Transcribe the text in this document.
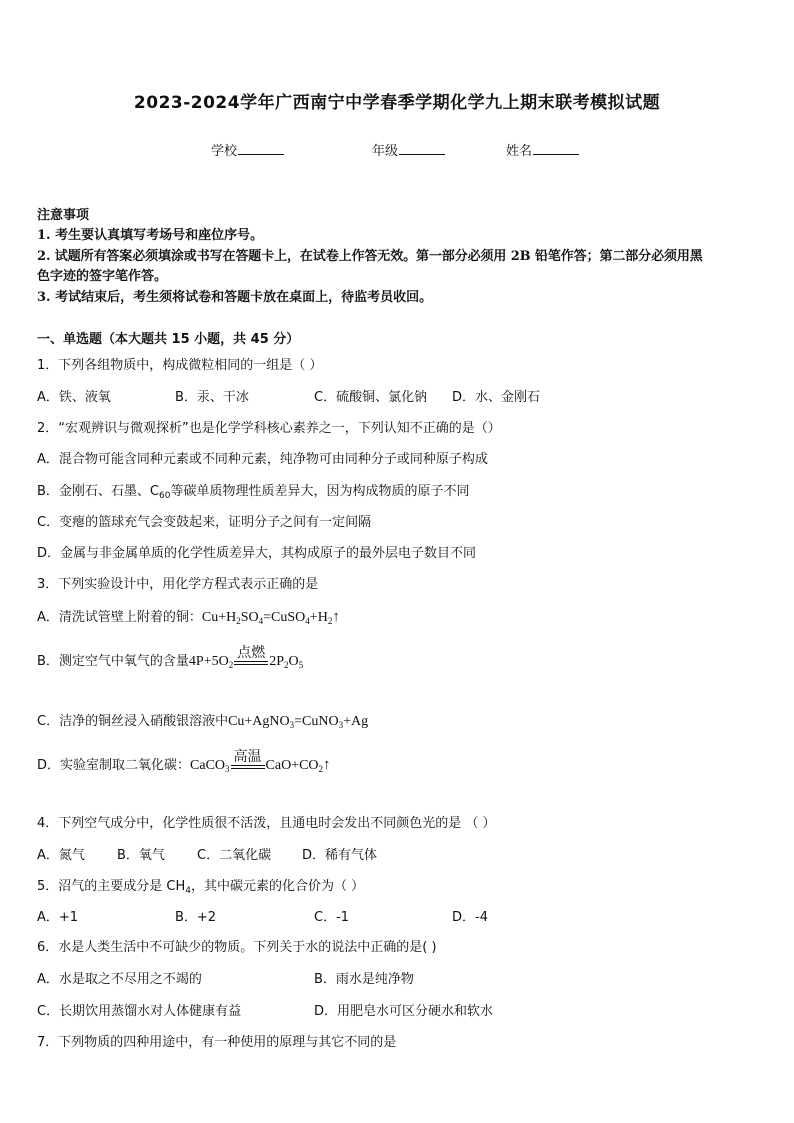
2023-2024学年广西南宁中学春季学期化学九上期末联考模拟试题
学校	年级	姓名
注意事项
1. 考生要认真填写考场号和座位序号。
2. 试题所有答案必须填涂或书写在答题卡上，在试卷上作答无效。第一部分必须用 2B 铅笔作答；第二部分必须用黑
色字迹的签字笔作答。
3. 考试结束后，考生须将试卷和答题卡放在桌面上，待监考员收回。
一、单选题（本大题共 15 小题，共 45 分）
1．下列各组物质中，构成微粒相同的一组是（ ）
A．铁、液氧	B．汞、干冰	C．硫酸铜、氯化钠 D．水、金刚石
2．“宏观辨识与微观探析”也是化学学科核心素养之一，下列认知不正确的是（）
A．混合物可能含同种元素或不同种元素，纯净物可由同种分子或同种原子构成
B．金刚石、石墨、$C_{60}$等碳单质物理性质差异大，因为构成物质的原子不同
C．变瘪的篮球充气会变鼓起来，证明分子之间有一定间隔
D．金属与非金属单质的化学性质差异大，其构成原子的最外层电子数目不同
3．下列实验设计中，用化学方程式表示正确的是
A．清洗试管壁上附着的铜：$Cu+H_2SO_4=CuSO_4+H_2↑$
B．测定空气中氧气的含量$4P+5O_2$
点燃
$2P_2O_5$
C．洁净的铜丝浸入硝酸银溶液中Cu+AgNO$_3$=CuNO$_3$+Ag
D．实验室制取二氧化碳：CaCO$_3$
高温
$CaO+CO_2↑$
4．下列空气成分中，化学性质很不活泼，且通电时会发出不同颜色光的是 （ ）
A．氮气 B．氧气 C．二氧化碳 D．稀有气体
5．沼气的主要成分是 $CH_4$，其中碳元素的化合价为（ ）
A．+1	B．+2	C．-1	D．-4
6．水是人类生活中不可缺少的物质。下列关于水的说法中正确的是( )
A．水是取之不尽用之不竭的	B．雨水是纯净物
C．长期饮用蒸馏水对人体健康有益	D．用肥皂水可区分硬水和软水
7．下列物质的四种用途中，有一种使用的原理与其它不同的是
